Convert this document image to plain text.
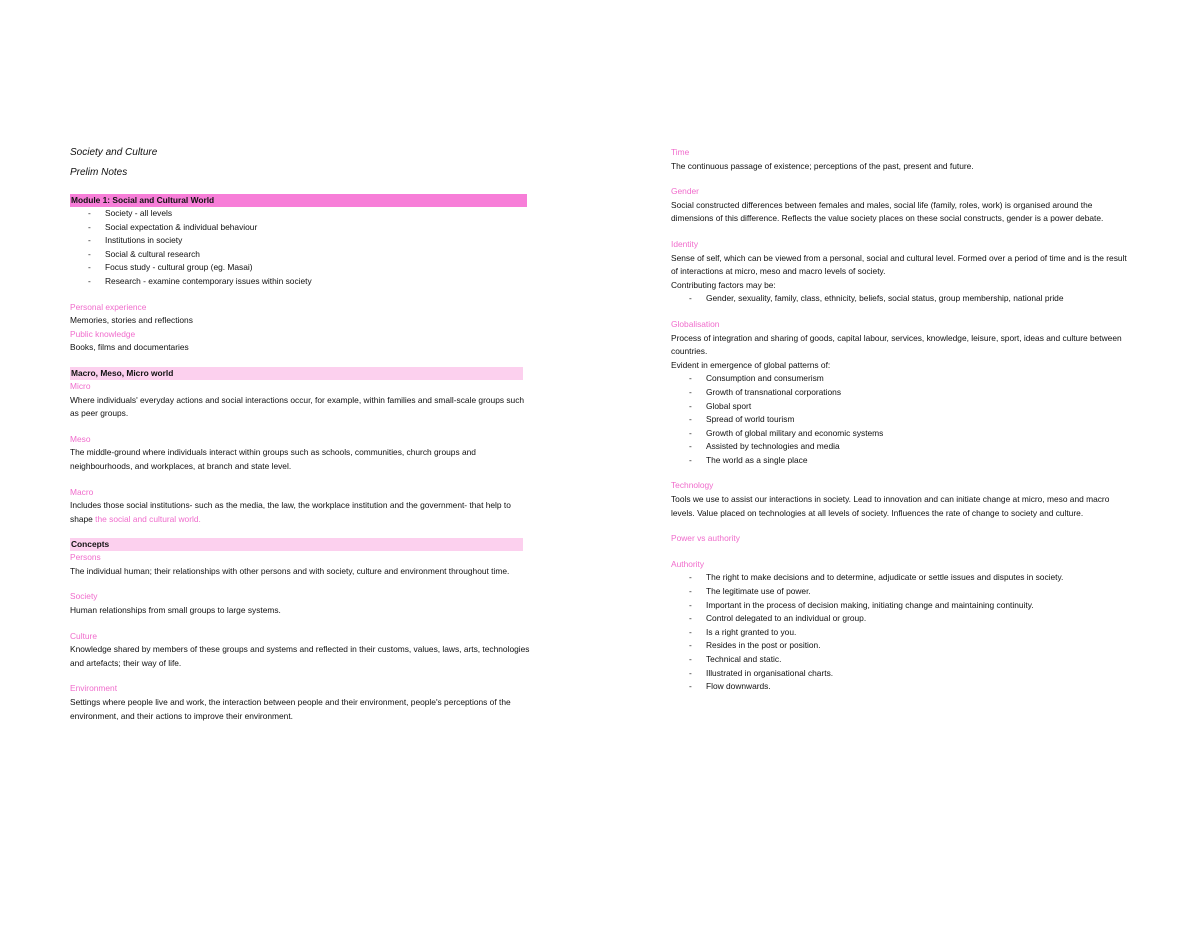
Society and Culture
Prelim Notes
Module 1: Social and Cultural World
- Society - all levels
- Social expectation & individual behaviour
- Institutions in society
- Social & cultural research
- Focus study - cultural group (eg. Masai)
- Research - examine contemporary issues within society
Personal experience
Memories, stories and reflections
Public knowledge
Books, films and documentaries
Macro, Meso, Micro world
Micro
Where individuals' everyday actions and social interactions occur, for example, within families and small-scale groups such as peer groups.
Meso
The middle-ground where individuals interact within groups such as schools, communities, church groups and neighbourhoods, and workplaces, at branch and state level.
Macro
Includes those social institutions- such as the media, the law, the workplace institution and the government- that help to shape the social and cultural world.
Concepts
Persons
The individual human; their relationships with other persons and with society, culture and environment throughout time.
Society
Human relationships from small groups to large systems.
Culture
Knowledge shared by members of these groups and systems and reflected in their customs, values, laws, arts, technologies and artefacts; their way of life.
Environment
Settings where people live and work, the interaction between people and their environment, people's perceptions of the environment, and their actions to improve their environment.
Time
The continuous passage of existence; perceptions of the past, present and future.
Gender
Social constructed differences between females and males, social life (family, roles, work) is organised around the dimensions of this difference. Reflects the value society places on these social constructs, gender is a power debate.
Identity
Sense of self, which can be viewed from a personal, social and cultural level. Formed over a period of time and is the result of interactions at micro, meso and macro levels of society.
Contributing factors may be:
- Gender, sexuality, family, class, ethnicity, beliefs, social status, group membership, national pride
Globalisation
Process of integration and sharing of goods, capital labour, services, knowledge, leisure, sport, ideas and culture between countries.
Evident in emergence of global patterns of:
- Consumption and consumerism
- Growth of transnational corporations
- Global sport
- Spread of world tourism
- Growth of global military and economic systems
- Assisted by technologies and media
- The world as a single place
Technology
Tools we use to assist our interactions in society. Lead to innovation and can initiate change at micro, meso and macro levels. Value placed on technologies at all levels of society. Influences the rate of change to society and culture.
Power vs authority
Authority
- The right to make decisions and to determine, adjudicate or settle issues and disputes in society.
- The legitimate use of power.
- Important in the process of decision making, initiating change and maintaining continuity.
- Control delegated to an individual or group.
- Is a right granted to you.
- Resides in the post or position.
- Technical and static.
- Illustrated in organisational charts.
- Flow downwards.
